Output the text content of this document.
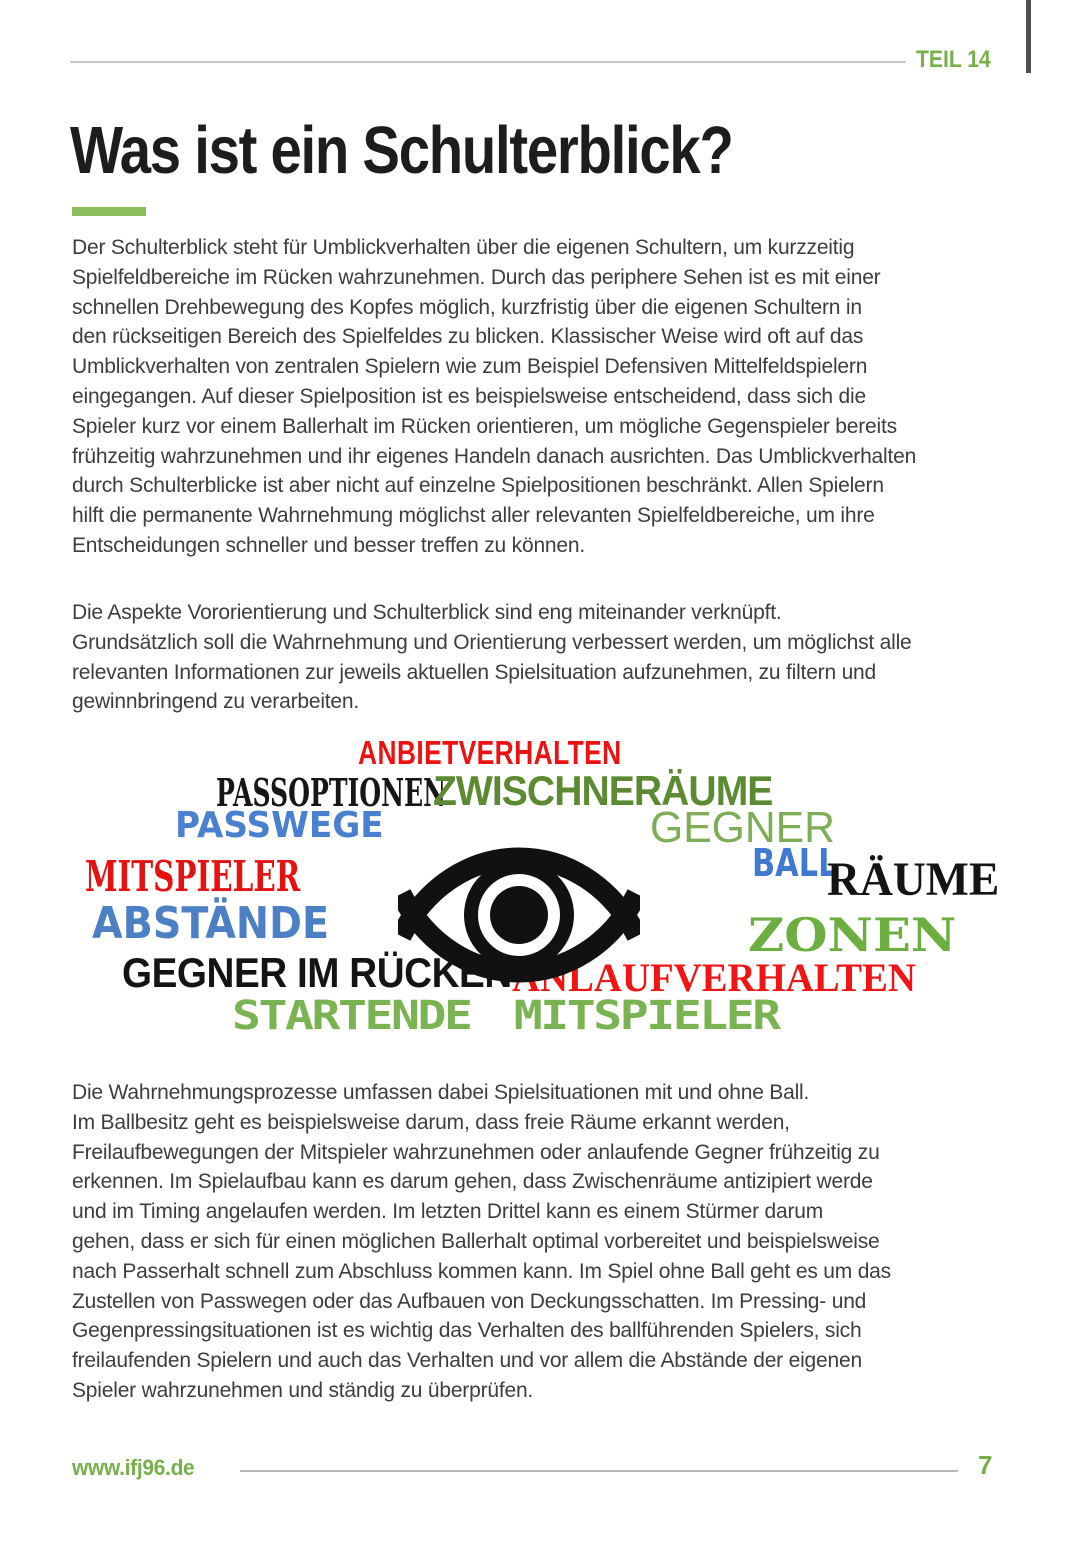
TEIL 14
Was ist ein Schulterblick?
Der Schulterblick steht für Umblickverhalten über die eigenen Schultern, um kurzzeitig
Spielfeldbereiche im Rücken wahrzunehmen. Durch das periphere Sehen ist es mit einer
schnellen Drehbewegung des Kopfes möglich, kurzfristig über die eigenen Schultern in
den rückseitigen Bereich des Spielfeldes zu blicken. Klassischer Weise wird oft auf das
Umblickverhalten von zentralen Spielern wie zum Beispiel Defensiven Mittelfeldspielern
eingegangen. Auf dieser Spielposition ist es beispielsweise entscheidend, dass sich die
Spieler kurz vor einem Ballerhalt im Rücken orientieren, um mögliche Gegenspieler bereits
frühzeitig wahrzunehmen und ihr eigenes Handeln danach ausrichten. Das Umblickverhalten
durch Schulterblicke ist aber nicht auf einzelne Spielpositionen beschränkt. Allen Spielern
hilft die permanente Wahrnehmung möglichst aller relevanten Spielfeldbereiche, um ihre
Entscheidungen schneller und besser treffen zu können.
Die Aspekte Vororientierung und Schulterblick sind eng miteinander verknüpft.
Grundsätzlich soll die Wahrnehmung und Orientierung verbessert werden, um möglichst alle
relevanten Informationen zur jeweils aktuellen Spielsituation aufzunehmen, zu filtern und
gewinnbringend zu verarbeiten.
Die Wahrnehmungsprozesse umfassen dabei Spielsituationen mit und ohne Ball.
Im Ballbesitz geht es beispielsweise darum, dass freie Räume erkannt werden,
Freilaufbewegungen der Mitspieler wahrzunehmen oder anlaufende Gegner frühzeitig zu
erkennen. Im Spielaufbau kann es darum gehen, dass Zwischenräume antizipiert werde
und im Timing angelaufen werden. Im letzten Drittel kann es einem Stürmer darum
gehen, dass er sich für einen möglichen Ballerhalt optimal vorbereitet und beispielsweise
nach Passerhalt schnell zum Abschluss kommen kann. Im Spiel ohne Ball geht es um das
Zustellen von Passwegen oder das Aufbauen von Deckungsschatten. Im Pressing- und
Gegenpressingsituationen ist es wichtig das Verhalten des ballführenden Spielers, sich
freilaufenden Spielern und auch das Verhalten und vor allem die Abstände der eigenen
Spieler wahrzunehmen und ständig zu überprüfen.
ANBIETVERHALTEN
PASSOPTIONEN
ZWISCHNERÄUME
PASSWEGE	GEGNER
MITSPIELER	BALL
RÄUME
ABSTÄNDE	ZONEN
GEGNER IM RÜCKEN ANLAUFVERHALTEN
STARTENDE MITSPIELER
www.ifj96.de	7
